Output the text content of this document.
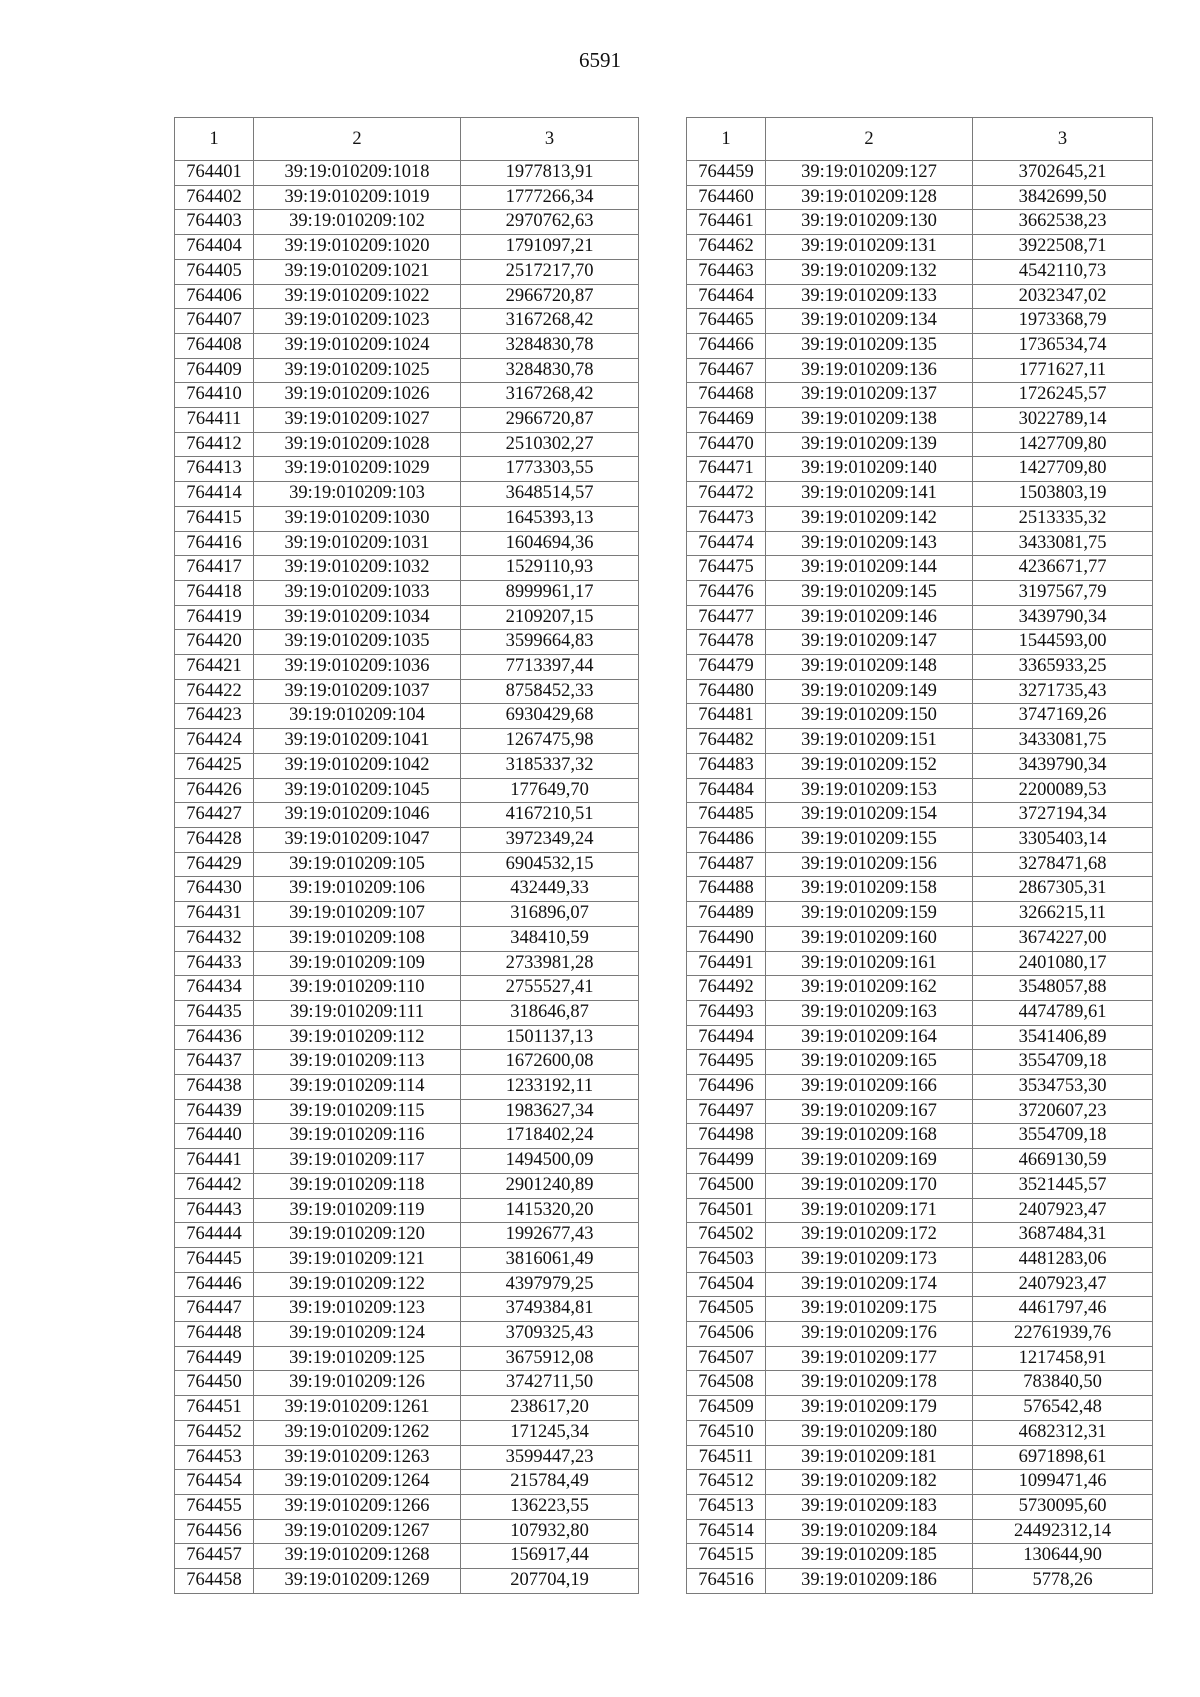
6591
1	2	3
764401	39:19:010209:1018	1977813,91
764402	39:19:010209:1019	1777266,34
764403	39:19:010209:102	2970762,63
764404	39:19:010209:1020	1791097,21
764405	39:19:010209:1021	2517217,70
764406	39:19:010209:1022	2966720,87
764407	39:19:010209:1023	3167268,42
764408	39:19:010209:1024	3284830,78
764409	39:19:010209:1025	3284830,78
764410	39:19:010209:1026	3167268,42
764411	39:19:010209:1027	2966720,87
764412	39:19:010209:1028	2510302,27
764413	39:19:010209:1029	1773303,55
764414	39:19:010209:103	3648514,57
764415	39:19:010209:1030	1645393,13
764416	39:19:010209:1031	1604694,36
764417	39:19:010209:1032	1529110,93
764418	39:19:010209:1033	8999961,17
764419	39:19:010209:1034	2109207,15
764420	39:19:010209:1035	3599664,83
764421	39:19:010209:1036	7713397,44
764422	39:19:010209:1037	8758452,33
764423	39:19:010209:104	6930429,68
764424	39:19:010209:1041	1267475,98
764425	39:19:010209:1042	3185337,32
764426	39:19:010209:1045	177649,70
764427	39:19:010209:1046	4167210,51
764428	39:19:010209:1047	3972349,24
764429	39:19:010209:105	6904532,15
764430	39:19:010209:106	432449,33
764431	39:19:010209:107	316896,07
764432	39:19:010209:108	348410,59
764433	39:19:010209:109	2733981,28
764434	39:19:010209:110	2755527,41
764435	39:19:010209:111	318646,87
764436	39:19:010209:112	1501137,13
764437	39:19:010209:113	1672600,08
764438	39:19:010209:114	1233192,11
764439	39:19:010209:115	1983627,34
764440	39:19:010209:116	1718402,24
764441	39:19:010209:117	1494500,09
764442	39:19:010209:118	2901240,89
764443	39:19:010209:119	1415320,20
764444	39:19:010209:120	1992677,43
764445	39:19:010209:121	3816061,49
764446	39:19:010209:122	4397979,25
764447	39:19:010209:123	3749384,81
764448	39:19:010209:124	3709325,43
764449	39:19:010209:125	3675912,08
764450	39:19:010209:126	3742711,50
764451	39:19:010209:1261	238617,20
764452	39:19:010209:1262	171245,34
764453	39:19:010209:1263	3599447,23
764454	39:19:010209:1264	215784,49
764455	39:19:010209:1266	136223,55
764456	39:19:010209:1267	107932,80
764457	39:19:010209:1268	156917,44
764458	39:19:010209:1269	207704,19
1	2	3
764459	39:19:010209:127	3702645,21
764460	39:19:010209:128	3842699,50
764461	39:19:010209:130	3662538,23
764462	39:19:010209:131	3922508,71
764463	39:19:010209:132	4542110,73
764464	39:19:010209:133	2032347,02
764465	39:19:010209:134	1973368,79
764466	39:19:010209:135	1736534,74
764467	39:19:010209:136	1771627,11
764468	39:19:010209:137	1726245,57
764469	39:19:010209:138	3022789,14
764470	39:19:010209:139	1427709,80
764471	39:19:010209:140	1427709,80
764472	39:19:010209:141	1503803,19
764473	39:19:010209:142	2513335,32
764474	39:19:010209:143	3433081,75
764475	39:19:010209:144	4236671,77
764476	39:19:010209:145	3197567,79
764477	39:19:010209:146	3439790,34
764478	39:19:010209:147	1544593,00
764479	39:19:010209:148	3365933,25
764480	39:19:010209:149	3271735,43
764481	39:19:010209:150	3747169,26
764482	39:19:010209:151	3433081,75
764483	39:19:010209:152	3439790,34
764484	39:19:010209:153	2200089,53
764485	39:19:010209:154	3727194,34
764486	39:19:010209:155	3305403,14
764487	39:19:010209:156	3278471,68
764488	39:19:010209:158	2867305,31
764489	39:19:010209:159	3266215,11
764490	39:19:010209:160	3674227,00
764491	39:19:010209:161	2401080,17
764492	39:19:010209:162	3548057,88
764493	39:19:010209:163	4474789,61
764494	39:19:010209:164	3541406,89
764495	39:19:010209:165	3554709,18
764496	39:19:010209:166	3534753,30
764497	39:19:010209:167	3720607,23
764498	39:19:010209:168	3554709,18
764499	39:19:010209:169	4669130,59
764500	39:19:010209:170	3521445,57
764501	39:19:010209:171	2407923,47
764502	39:19:010209:172	3687484,31
764503	39:19:010209:173	4481283,06
764504	39:19:010209:174	2407923,47
764505	39:19:010209:175	4461797,46
764506	39:19:010209:176	22761939,76
764507	39:19:010209:177	1217458,91
764508	39:19:010209:178	783840,50
764509	39:19:010209:179	576542,48
764510	39:19:010209:180	4682312,31
764511	39:19:010209:181	6971898,61
764512	39:19:010209:182	1099471,46
764513	39:19:010209:183	5730095,60
764514	39:19:010209:184	24492312,14
764515	39:19:010209:185	130644,90
764516	39:19:010209:186	5778,26
